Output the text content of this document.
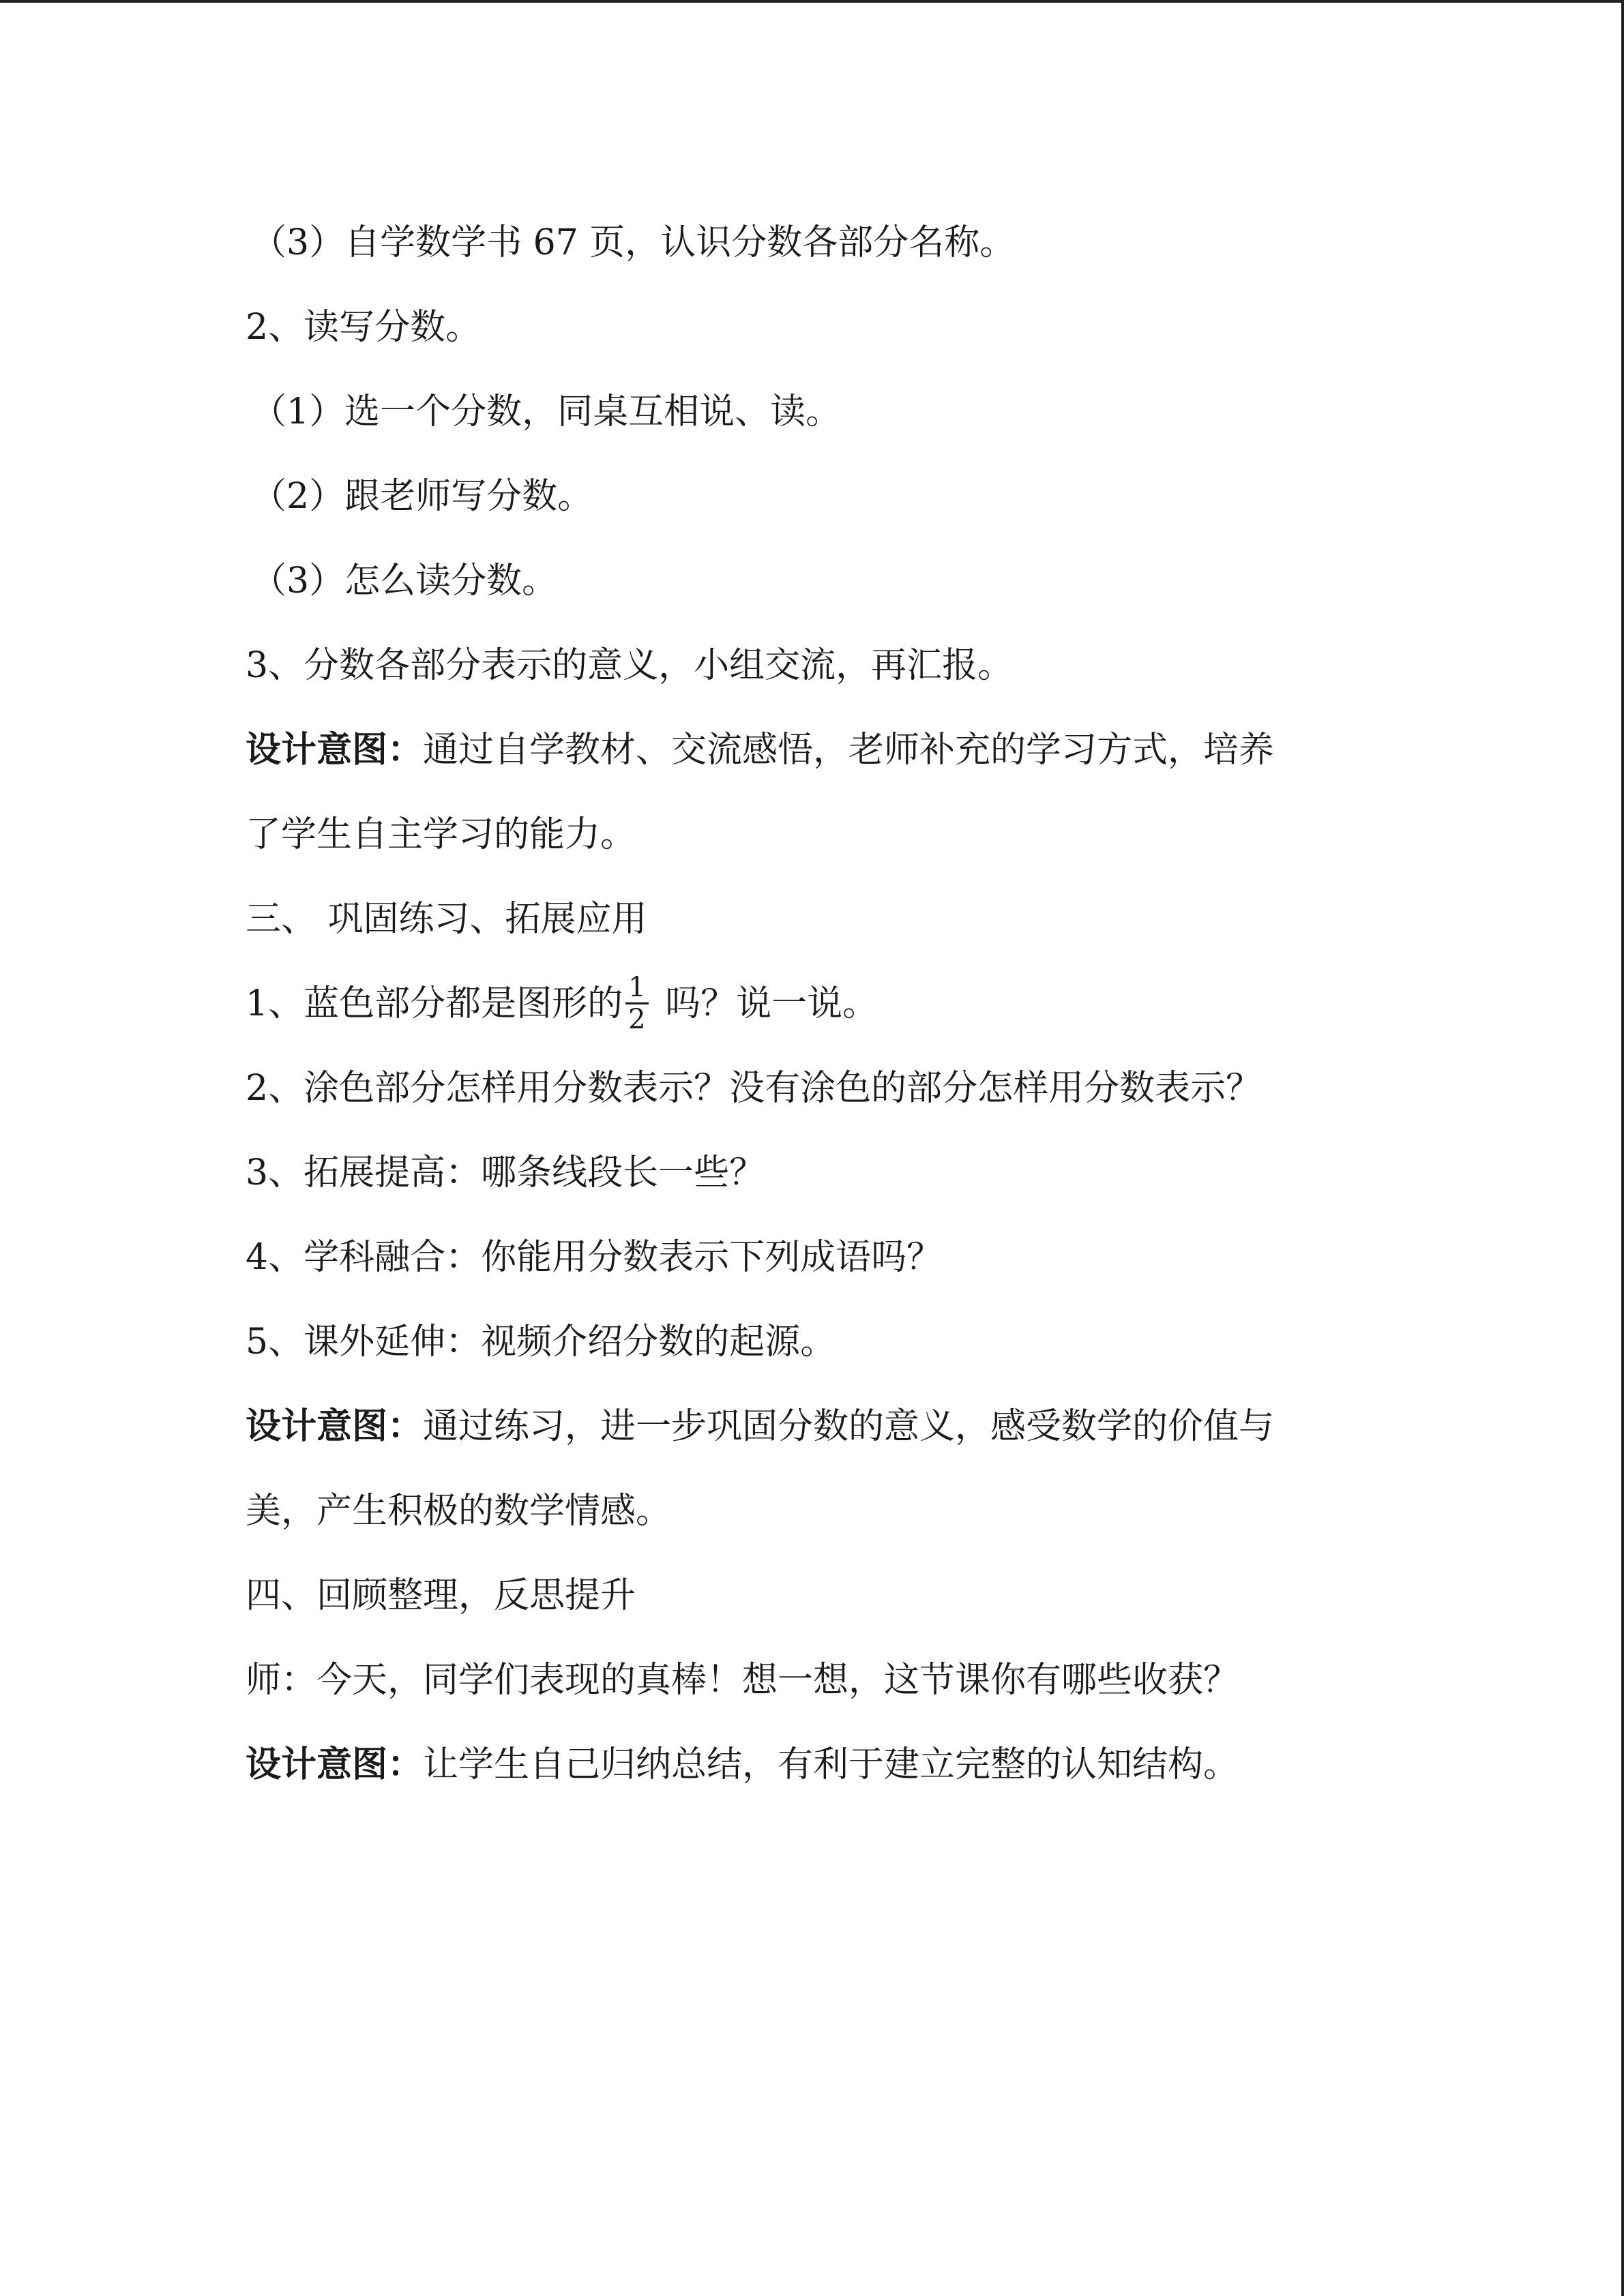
（3）自学数学书 67 页，认识分数各部分名称。
2、读写分数。
（1）选一个分数，同桌互相说、读。
（2）跟老师写分数。
（3）怎么读分数。
3、分数各部分表示的意义，小组交流，再汇报。
设计意图：通过自学教材、交流感悟，老师补充的学习方式，培养
了学生自主学习的能力。
三、 巩固练习、拓展应用
1、蓝色部分都是图形的 $\frac{1}{2}$ 吗？说一说。
2、涂色部分怎样用分数表示？没有涂色的部分怎样用分数表示？
3、拓展提高：哪条线段长一些？
4、学科融合：你能用分数表示下列成语吗？
5、课外延伸：视频介绍分数的起源。
设计意图：通过练习，进一步巩固分数的意义，感受数学的价值与
美，产生积极的数学情感。
四、回顾整理，反思提升
师：今天，同学们表现的真棒！想一想，这节课你有哪些收获？
设计意图：让学生自己归纳总结，有利于建立完整的认知结构。
